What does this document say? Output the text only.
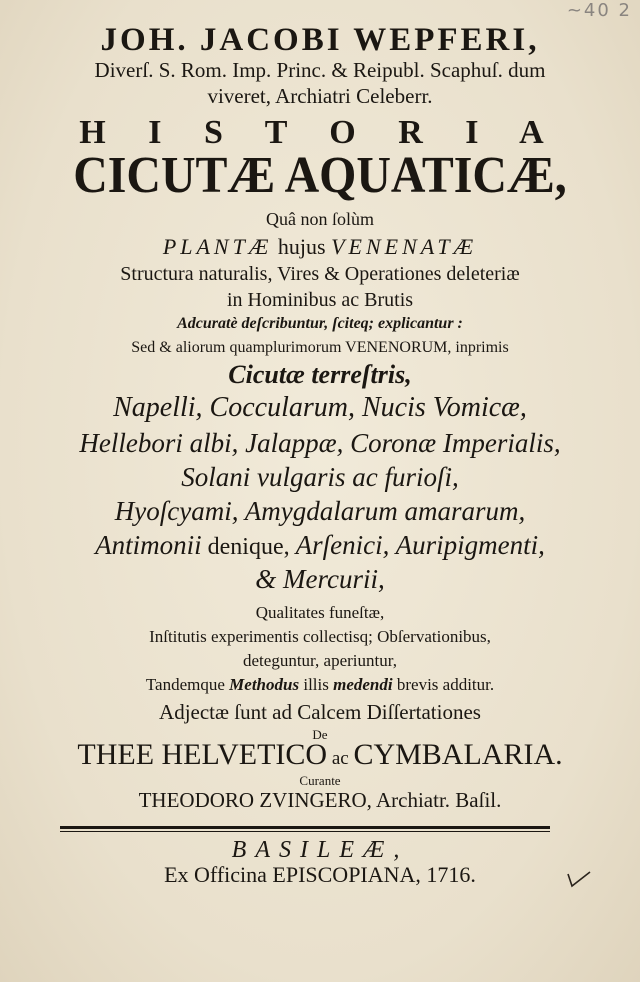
~40 2
JOH. JACOBI WEPFERI,
Diverſ. S. Rom. Imp. Princ. & Reipubl. Scaphuſ. dum
viveret, Archiatri Celeberr.
H I S T O R I A
CICUTÆ AQUATICÆ,
Quâ non ſolùm
PLANTÆ hujus VENENATÆ
Structura naturalis, Vires & Operationes deleteriæ
in Hominibus ac Brutis
Adcuratè deſcribuntur, ſciteq; explicantur :
Sed & aliorum quamplurimorum VENENORUM, inprimis
Cicutæ terreſtris,
Napelli, Coccularum, Nucis Vomicæ,
Hellebori albi, Jalappæ, Coronæ Imperialis,
Solani vulgaris ac furioſi,
Hyoſcyami, Amygdalarum amararum,
Antimonii denique, Arſenici, Auripigmenti,
& Mercurii,
Qualitates funeſtæ,
Inſtitutis experimentis collectisq; Obſervationibus,
deteguntur, aperiuntur,
Tandemque Methodus illis medendi brevis additur.
Adjectæ ſunt ad Calcem Diſſertationes
De
THEE HELVETICO ac CYMBALARIA.
Curante
THEODORO ZVINGERO, Archiatr. Baſil.
BASILEÆ,
Ex Officina EPISCOPIANA, 1716.
